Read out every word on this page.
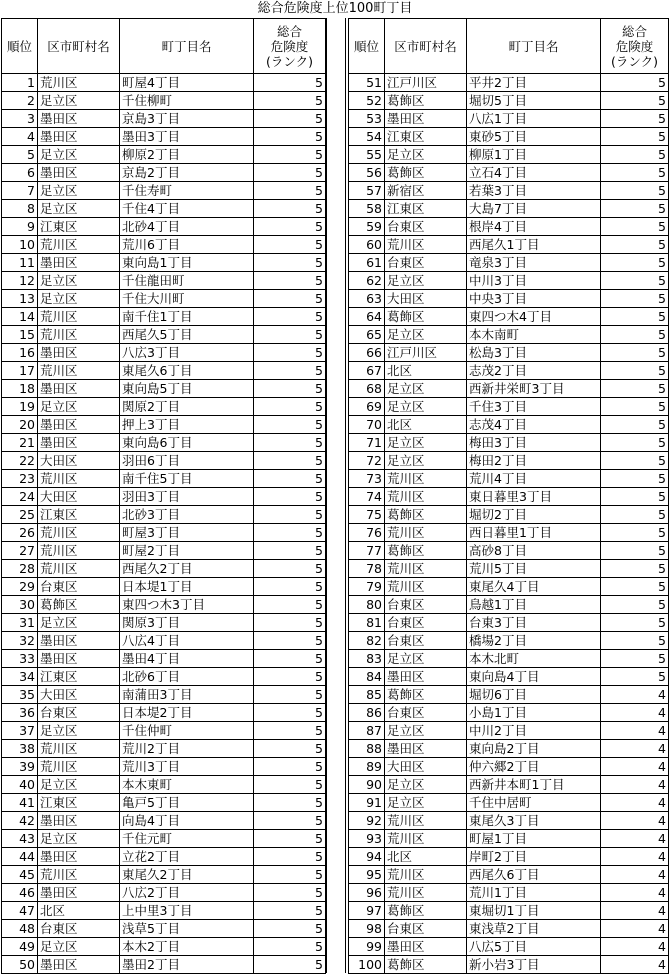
総合危険度上位100町丁目
順位	区市町村名	町丁目名	総合
危険度
(ランク)
1	荒川区	町屋4丁目	5
2	足立区	千住柳町	5
3	墨田区	京島3丁目	5
4	墨田区	墨田3丁目	5
5	足立区	柳原2丁目	5
6	墨田区	京島2丁目	5
7	足立区	千住寿町	5
8	足立区	千住4丁目	5
9	江東区	北砂4丁目	5
10	荒川区	荒川6丁目	5
11	墨田区	東向島1丁目	5
12	足立区	千住龍田町	5
13	足立区	千住大川町	5
14	荒川区	南千住1丁目	5
15	荒川区	西尾久5丁目	5
16	墨田区	八広3丁目	5
17	荒川区	東尾久6丁目	5
18	墨田区	東向島5丁目	5
19	足立区	関原2丁目	5
20	墨田区	押上3丁目	5
21	墨田区	東向島6丁目	5
22	大田区	羽田6丁目	5
23	荒川区	南千住5丁目	5
24	大田区	羽田3丁目	5
25	江東区	北砂3丁目	5
26	荒川区	町屋3丁目	5
27	荒川区	町屋2丁目	5
28	荒川区	西尾久2丁目	5
29	台東区	日本堤1丁目	5
30	葛飾区	東四つ木3丁目	5
31	足立区	関原3丁目	5
32	墨田区	八広4丁目	5
33	墨田区	墨田4丁目	5
34	江東区	北砂6丁目	5
35	大田区	南蒲田3丁目	5
36	台東区	日本堤2丁目	5
37	足立区	千住仲町	5
38	荒川区	荒川2丁目	5
39	荒川区	荒川3丁目	5
40	足立区	本木東町	5
41	江東区	亀戸5丁目	5
42	墨田区	向島4丁目	5
43	足立区	千住元町	5
44	墨田区	立花2丁目	5
45	荒川区	東尾久2丁目	5
46	墨田区	八広2丁目	5
47	北区	上中里3丁目	5
48	台東区	浅草5丁目	5
49	足立区	本木2丁目	5
50	墨田区	墨田2丁目	5
順位	区市町村名	町丁目名	総合
危険度
(ランク)
51	江戸川区	平井2丁目	5
52	葛飾区	堀切5丁目	5
53	墨田区	八広1丁目	5
54	江東区	東砂5丁目	5
55	足立区	柳原1丁目	5
56	葛飾区	立石4丁目	5
57	新宿区	若葉3丁目	5
58	江東区	大島7丁目	5
59	台東区	根岸4丁目	5
60	荒川区	西尾久1丁目	5
61	台東区	竜泉3丁目	5
62	足立区	中川3丁目	5
63	大田区	中央3丁目	5
64	葛飾区	東四つ木4丁目	5
65	足立区	本木南町	5
66	江戸川区	松島3丁目	5
67	北区	志茂2丁目	5
68	足立区	西新井栄町3丁目	5
69	足立区	千住3丁目	5
70	北区	志茂4丁目	5
71	足立区	梅田3丁目	5
72	足立区	梅田2丁目	5
73	荒川区	荒川4丁目	5
74	荒川区	東日暮里3丁目	5
75	葛飾区	堀切2丁目	5
76	荒川区	西日暮里1丁目	5
77	葛飾区	高砂8丁目	5
78	荒川区	荒川5丁目	5
79	荒川区	東尾久4丁目	5
80	台東区	鳥越1丁目	5
81	台東区	台東3丁目	5
82	台東区	橋場2丁目	5
83	足立区	本木北町	5
84	墨田区	東向島4丁目	5
85	葛飾区	堀切6丁目	4
86	台東区	小島1丁目	4
87	足立区	中川2丁目	4
88	墨田区	東向島2丁目	4
89	大田区	仲六郷2丁目	4
90	足立区	西新井本町1丁目	4
91	足立区	千住中居町	4
92	荒川区	東尾久3丁目	4
93	荒川区	町屋1丁目	4
94	北区	岸町2丁目	4
95	荒川区	西尾久6丁目	4
96	荒川区	荒川1丁目	4
97	葛飾区	東堀切1丁目	4
98	台東区	東浅草2丁目	4
99	墨田区	八広5丁目	4
100	葛飾区	新小岩3丁目	4
